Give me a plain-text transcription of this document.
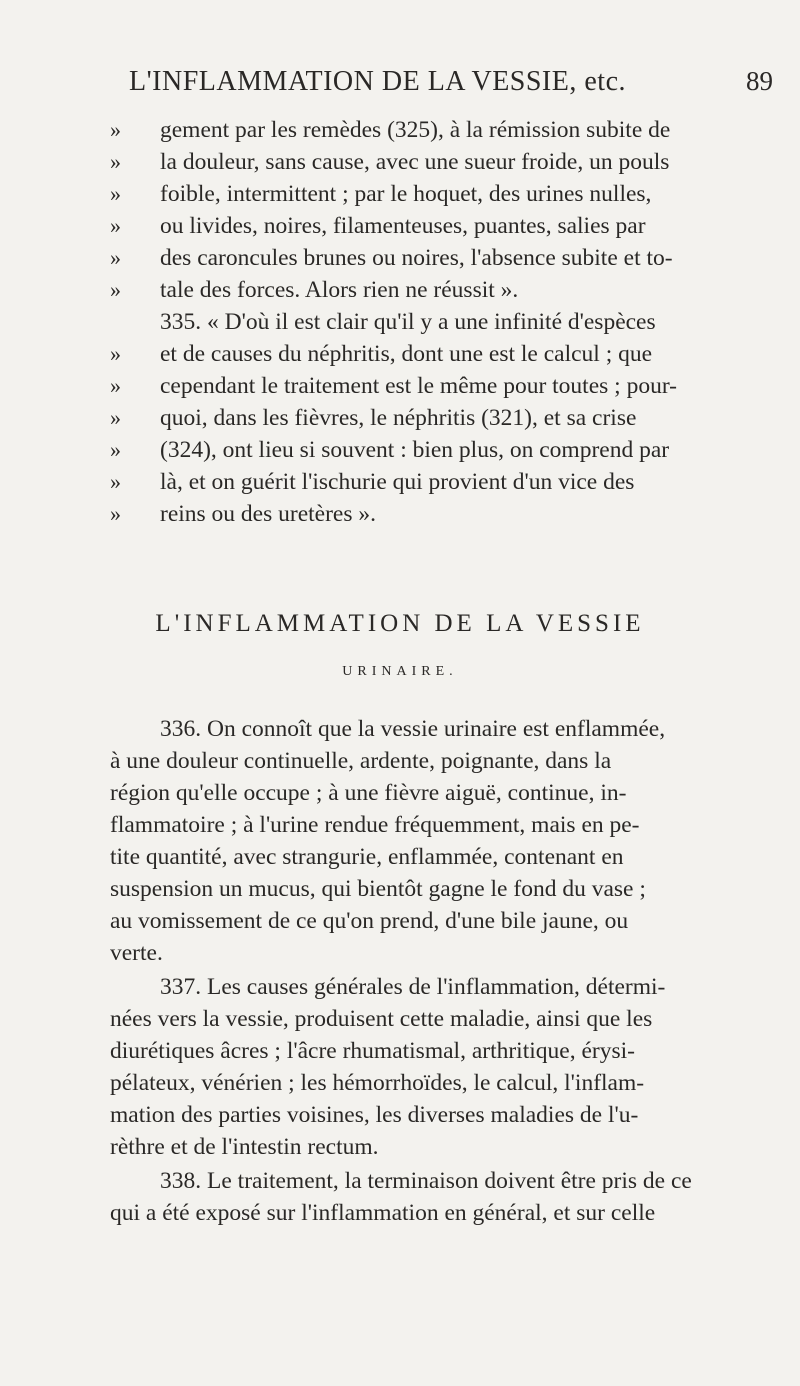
L'INFLAMMATION DE LA VESSIE, etc.	89
» gement par les remèdes (325), à la rémission subite de
» la douleur, sans cause, avec une sueur froide, un pouls
» foible, intermittent ; par le hoquet, des urines nulles,
» ou livides, noires, filamenteuses, puantes, salies par
» des caroncules brunes ou noires, l'absence subite et to-
» tale des forces. Alors rien ne réussit ».
335. « D'où il est clair qu'il y a une infinité d'espèces
» et de causes du néphritis, dont une est le calcul ; que
» cependant le traitement est le même pour toutes ; pour-
» quoi, dans les fièvres, le néphritis (321), et sa crise
» (324), ont lieu si souvent : bien plus, on comprend par
» là, et on guérit l'ischurie qui provient d'un vice des
» reins ou des uretères ».
L'INFLAMMATION DE LA VESSIE
URINAIRE.
336. On connoît que la vessie urinaire est enflammée,
à une douleur continuelle, ardente, poignante, dans la
région qu'elle occupe ; à une fièvre aiguë, continue, in-
flammatoire ; à l'urine rendue fréquemment, mais en pe-
tite quantité, avec strangurie, enflammée, contenant en
suspension un mucus, qui bientôt gagne le fond du vase ;
au vomissement de ce qu'on prend, d'une bile jaune, ou
verte.
337. Les causes générales de l'inflammation, détermi-
nées vers la vessie, produisent cette maladie, ainsi que les
diurétiques âcres ; l'âcre rhumatismal, arthritique, érysi-
pélateux, vénérien ; les hémorrhoïdes, le calcul, l'inflam-
mation des parties voisines, les diverses maladies de l'u-
rèthre et de l'intestin rectum.
338. Le traitement, la terminaison doivent être pris de ce
qui a été exposé sur l'inflammation en général, et sur celle
